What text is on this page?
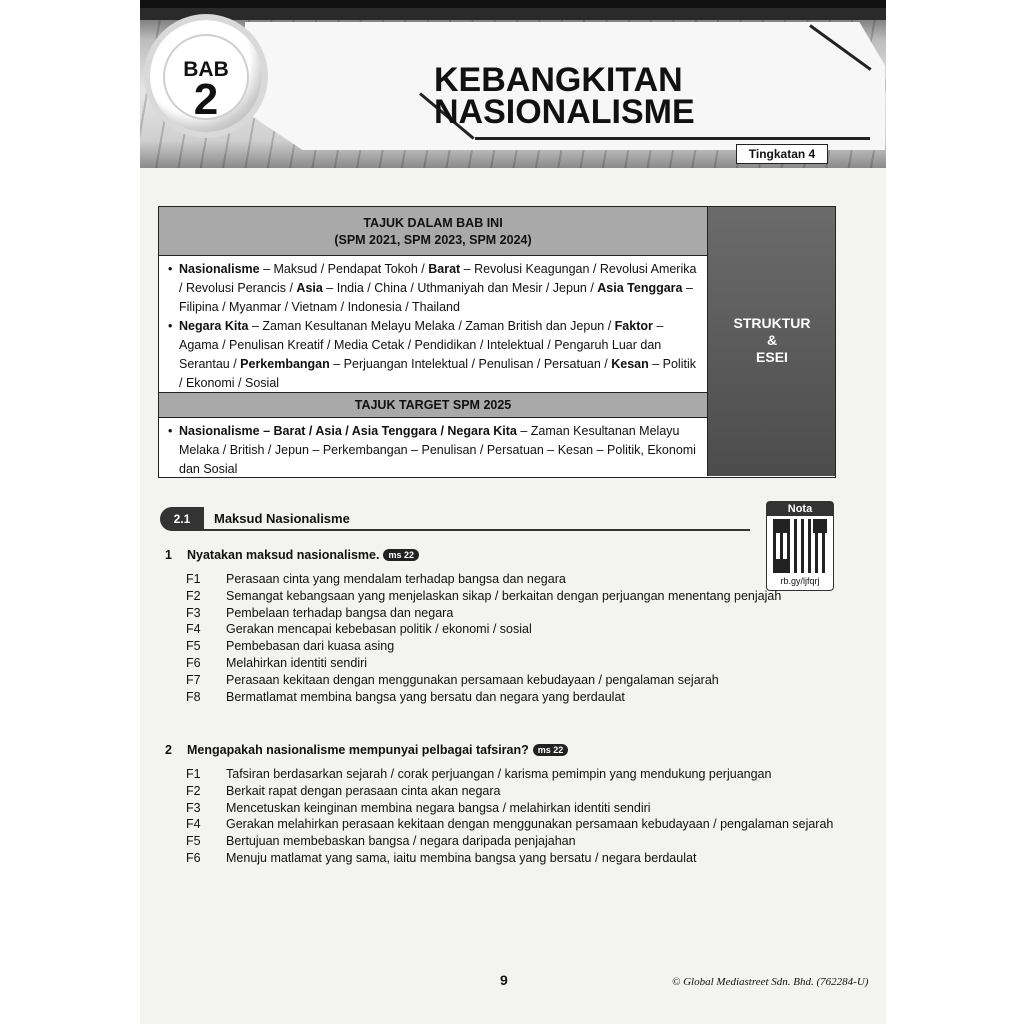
BAB
2	KEBANGKITAN
NASIONALISME
Tingkatan 4
TAJUK DALAM BAB INI
(SPM 2021, SPM 2023, SPM 2024)
• Nasionalisme – Maksud / Pendapat Tokoh / Barat – Revolusi Keagungan / Revolusi Amerika / Revolusi Perancis / Asia – India / China / Uthmaniyah dan Mesir / Jepun / Asia Tenggara – Filipina / Myanmar / Vietnam / Indonesia / Thailand
• Negara Kita – Zaman Kesultanan Melayu Melaka / Zaman British dan Jepun / Faktor – Agama / Penulisan Kreatif / Media Cetak / Pendidikan / Intelektual / Pengaruh Luar dan Serantau / Perkembangan – Perjuangan Intelektual / Penulisan / Persatuan / Kesan – Politik / Ekonomi / Sosial
TAJUK TARGET SPM 2025
• Nasionalisme – Barat / Asia / Asia Tenggara / Negara Kita – Zaman Kesultanan Melayu Melaka / British / Jepun – Perkembangan – Penulisan / Persatuan – Kesan – Politik, Ekonomi dan Sosial
STRUKTUR
&
ESEI
2.1	Maksud Nasionalisme
Nota
rb.gy/ljfqrj
1 Nyatakan maksud nasionalisme. ms 22
F1	Perasaan cinta yang mendalam terhadap bangsa dan negara
F2	Semangat kebangsaan yang menjelaskan sikap / berkaitan dengan perjuangan menentang penjajah
F3	Pembelaan terhadap bangsa dan negara
F4	Gerakan mencapai kebebasan politik / ekonomi / sosial
F5	Pembebasan dari kuasa asing
F6	Melahirkan identiti sendiri
F7	Perasaan kekitaan dengan menggunakan persamaan kebudayaan / pengalaman sejarah
F8	Bermatlamat membina bangsa yang bersatu dan negara yang berdaulat
2 Mengapakah nasionalisme mempunyai pelbagai tafsiran? ms 22
F1	Tafsiran berdasarkan sejarah / corak perjuangan / karisma pemimpin yang mendukung perjuangan
F2	Berkait rapat dengan perasaan cinta akan negara
F3	Mencetuskan keinginan membina negara bangsa / melahirkan identiti sendiri
F4	Gerakan melahirkan perasaan kekitaan dengan menggunakan persamaan kebudayaan / pengalaman sejarah
F5	Bertujuan membebaskan bangsa / negara daripada penjajahan
F6	Menuju matlamat yang sama, iaitu membina bangsa yang bersatu / negara berdaulat
9	© Global Mediastreet Sdn. Bhd. (762284-U)
